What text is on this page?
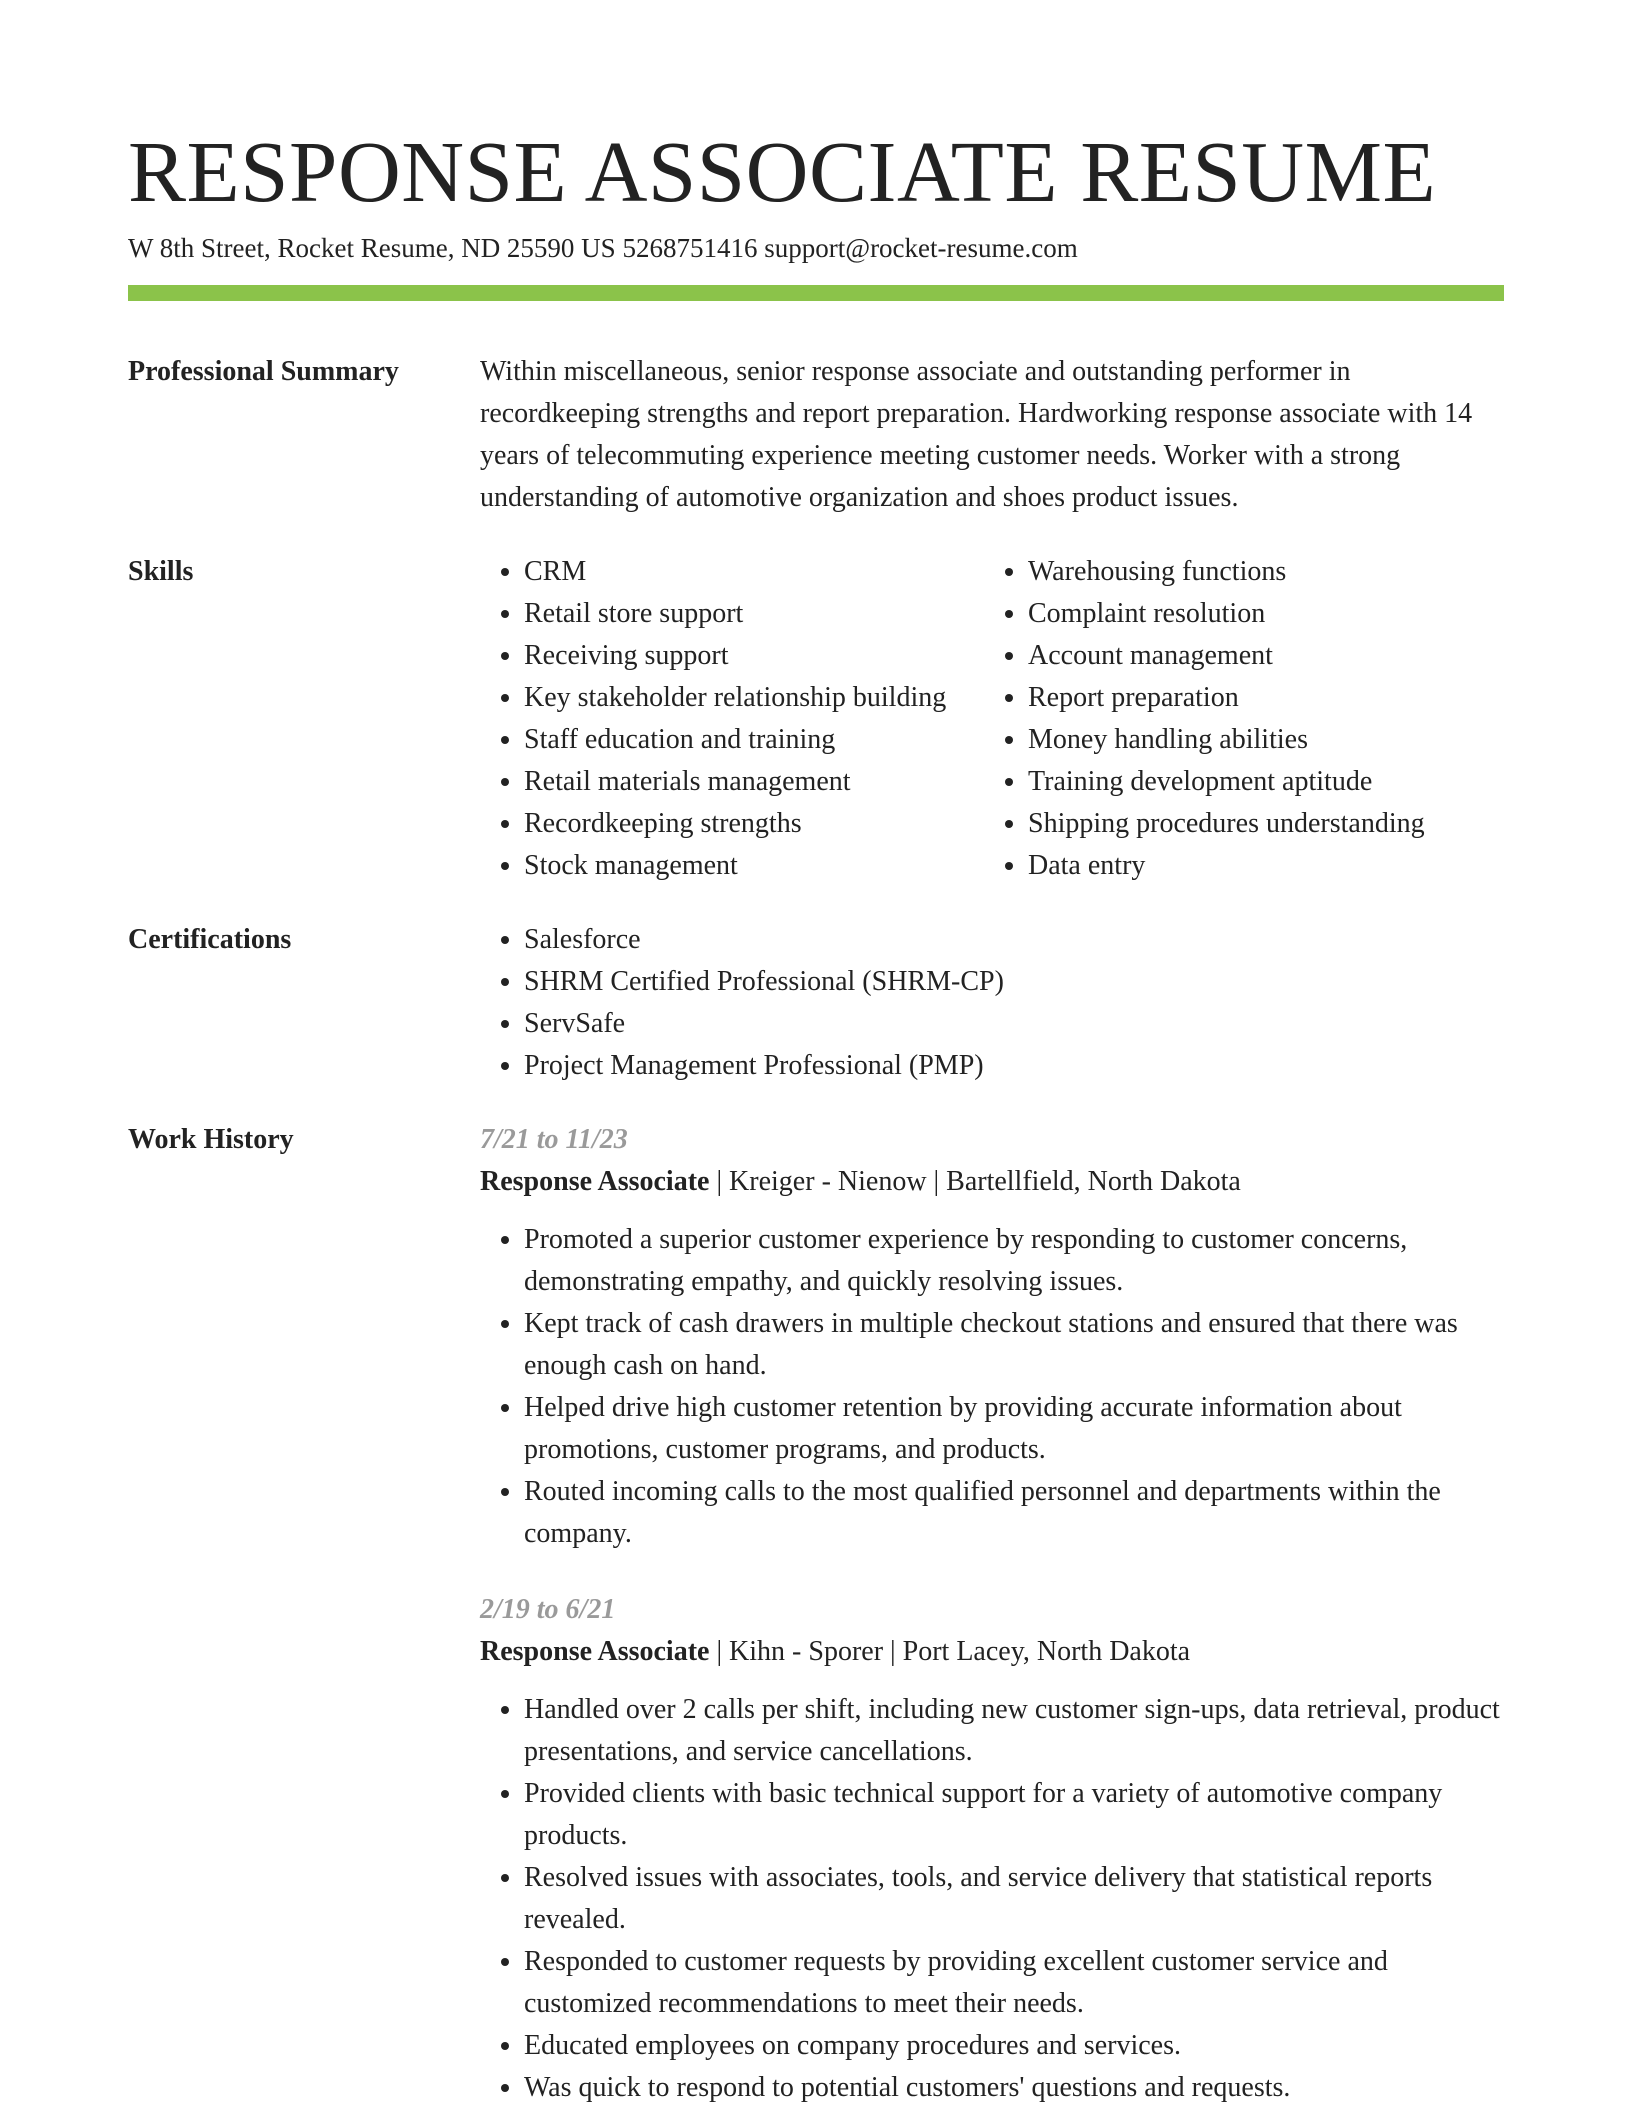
RESPONSE ASSOCIATE RESUME
W 8th Street, Rocket Resume, ND 25590 US 5268751416 support@rocket-resume.com
Professional Summary	Within miscellaneous, senior response associate and outstanding performer in recordkeeping strengths and report preparation. Hardworking response associate with 14 years of telecommuting experience meeting customer needs. Worker with a strong understanding of automotive organization and shoes product issues.

Skills	• CRM
• Retail store support
• Receiving support
• Key stakeholder relationship building
• Staff education and training
• Retail materials management
• Recordkeeping strengths
• Stock management
• Warehousing functions
• Complaint resolution
• Account management
• Report preparation
• Money handling abilities
• Training development aptitude
• Shipping procedures understanding
• Data entry
Certifications	• Salesforce
• SHRM Certified Professional (SHRM-CP)
• ServSafe
• Project Management Professional (PMP)
Work History	7/21 to 11/23
Response Associate | Kreiger - Nienow | Bartellfield, North Dakota
• Promoted a superior customer experience by responding to customer concerns, demonstrating empathy, and quickly resolving issues.
• Kept track of cash drawers in multiple checkout stations and ensured that there was enough cash on hand.
• Helped drive high customer retention by providing accurate information about promotions, customer programs, and products.
• Routed incoming calls to the most qualified personnel and departments within the company.
2/19 to 6/21
Response Associate | Kihn - Sporer | Port Lacey, North Dakota
• Handled over 2 calls per shift, including new customer sign-ups, data retrieval, product presentations, and service cancellations.
• Provided clients with basic technical support for a variety of automotive company products.
• Resolved issues with associates, tools, and service delivery that statistical reports revealed.
• Responded to customer requests by providing excellent customer service and customized recommendations to meet their needs.
• Educated employees on company procedures and services.
• Was quick to respond to potential customers' questions and requests.
